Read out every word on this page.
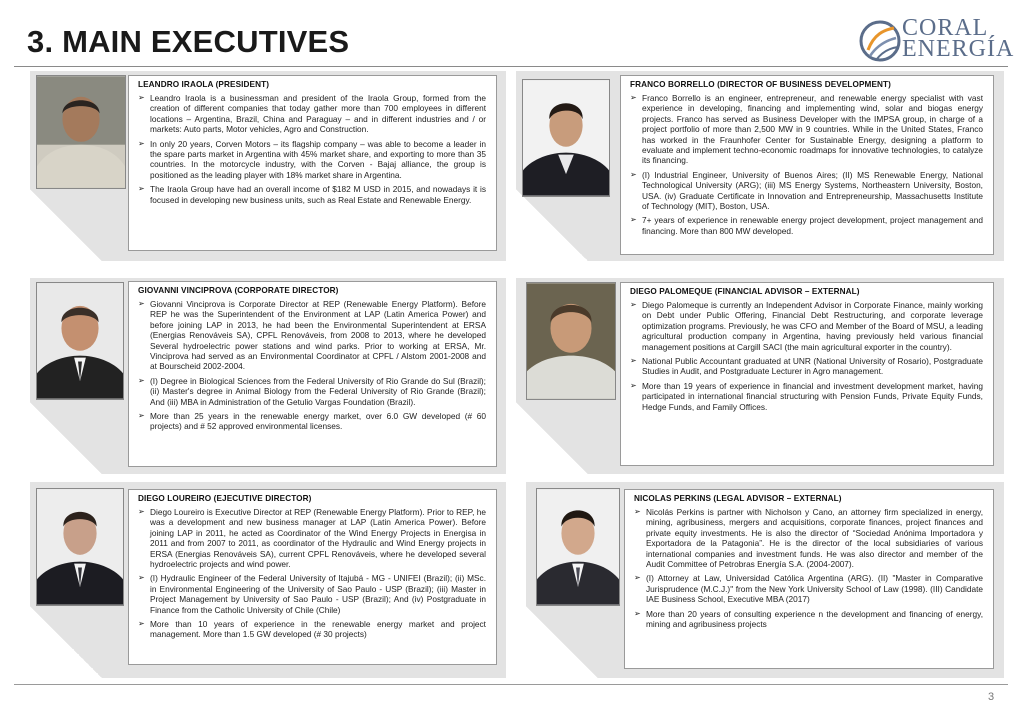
3. MAIN EXECUTIVES	CORAL
ENERGÍA
LEANDRO IRAOLA (PRESIDENT)
➢ Leandro Iraola is a businessman and president of the Iraola Group, formed from the creation of different companies that today gather more than 700 employees in different locations – Argentina, Brazil, China and Paraguay – and in different industries and / or markets: Auto parts, Motor vehicles, Agro and Construction.
➢ In only 20 years, Corven Motors – its flagship company – was able to become a leader in the spare parts market in Argentina with 45% market share, and exporting to more than 35 countries. In the motorcycle industry, with the Corven - Bajaj alliance, the group is positioned as the leading player with 18% market share in Argentina.
➢ The Iraola Group have had an overall income of $182 M USD in 2015, and nowadays it is focused in developing new business units, such as Real Estate and Renewable Energy.
FRANCO BORRELLO (DIRECTOR OF BUSINESS DEVELOPMENT)
➢ Franco Borrello is an engineer, entrepreneur, and renewable energy specialist with vast experience in developing, financing and implementing wind, solar and biogas energy projects. Franco has served as Business Developer with the IMPSA group, in charge of a project portfolio of more than 2,500 MW in 9 countries. While in the United States, Franco has worked in the Fraunhofer Center for Sustainable Energy, designing a platform to evaluate and implement techno-economic roadmaps for innovative technologies, to catalyze its financing.
➢ (I) Industrial Engineer, University of Buenos Aires; (II) MS Renewable Energy, National Technological University (ARG); (iii) MS Energy Systems, Northeastern University, Boston, USA. (iv) Graduate Certificate in Innovation and Entrepreneurship, Massachusetts Institute of Technology (MIT), Boston, USA.
➢ 7+ years of experience in renewable energy project development, project management and financing. More than 800 MW developed.
GIOVANNI VINCIPROVA (CORPORATE DIRECTOR)
➢ Giovanni Vinciprova is Corporate Director at REP (Renewable Energy Platform). Before REP he was the Superintendent of the Environment at LAP (Latin America Power) and before joining LAP in 2013, he had been the Environmental Superintendent at ERSA (Energias Renováveis SA), CPFL Renováveis, from 2008 to 2013, where he developed Several hydroelectric power stations and wind parks. Prior to working at ERSA, Mr. Vinciprova had served as an Environmental Coordinator at CPFL / Alstom 2001-2008 and at Bourscheid 2002-2004.
➢ (I) Degree in Biological Sciences from the Federal University of Rio Grande do Sul (Brazil); (ii) Master's degree in Animal Biology from the Federal University of Rio Grande (Brazil); And (iii) MBA in Administration of the Getulio Vargas Foundation (Brazil).
➢ More than 25 years in the renewable energy market, over 6.0 GW developed (# 60 projects) and # 52 approved environmental licenses.
DIEGO PALOMEQUE (FINANCIAL ADVISOR – EXTERNAL)
➢ Diego Palomeque is currently an Independent Advisor in Corporate Finance, mainly working on Debt under Public Offering, Financial Debt Restructuring, and corporate leverage optimization programs. Previously, he was CFO and Member of the Board of MSU, a leading agricultural production company in Argentina, having previously held various financial management positions at Cargill SACI (the main agricultural exporter in the country).
➢ National Public Accountant graduated at UNR (National University of Rosario), Postgraduate Studies in Audit, and Postgraduate Lecturer in Agro management.
➢ More than 19 years of experience in financial and investment development market, having participated in international financial structuring with Pension Funds, Private Equity Funds, Hedge Funds, and Family Offices.
DIEGO LOUREIRO (EJECUTIVE DIRECTOR)
➢ Diego Loureiro is Executive Director at REP (Renewable Energy Platform). Prior to REP, he was a development and new business manager at LAP (Latin America Power). Before joining LAP in 2011, he acted as Coordinator of the Wind Energy Projects in Energisa in 2011 and from 2007 to 2011, as coordinator of the Hydraulic and Wind Energy projects in ERSA (Energias Renováveis SA), current CPFL Renováveis, where he developed several hydroelectric projects and wind power.
➢ (I) Hydraulic Engineer of the Federal University of Itajubá - MG - UNIFEI (Brazil); (ii) MSc. in Environmental Engineering of the University of Sao Paulo - USP (Brazil); (iii) Master in Project Management by University of Sao Paulo - USP (Brazil); And (iv) Postgraduate in Finance from the Catholic University of Chile (Chile)
➢ More than 10 years of experience in the renewable energy market and project management. More than 1.5 GW developed (# 30 projects)
NICOLAS PERKINS (LEGAL ADVISOR – EXTERNAL)
➢ Nicolás Perkins is partner with Nicholson y Cano, an attorney firm specialized in energy, mining, agribusiness, mergers and acquisitions, corporate finances, project finances and private equity investments. He is also the director of “Sociedad Anónima Importadora y Exportadora de la Patagonia”. He is the director of the local subsidiaries of various international companies and investment funds. He was also director and member of the Audit Committee of Petrobras Energía S.A. (2004-2007).
➢ (I) Attorney at Law, Universidad Católica Argentina (ARG). (II) "Master in Comparative Jurisprudence (M.C.J.)" from the New York University School of Law (1998). (III) Candidate IAE Business School, Executive MBA (2017)
➢ More than 20 years of consulting experience n the development and financing of energy, mining and agribusiness projects
3
